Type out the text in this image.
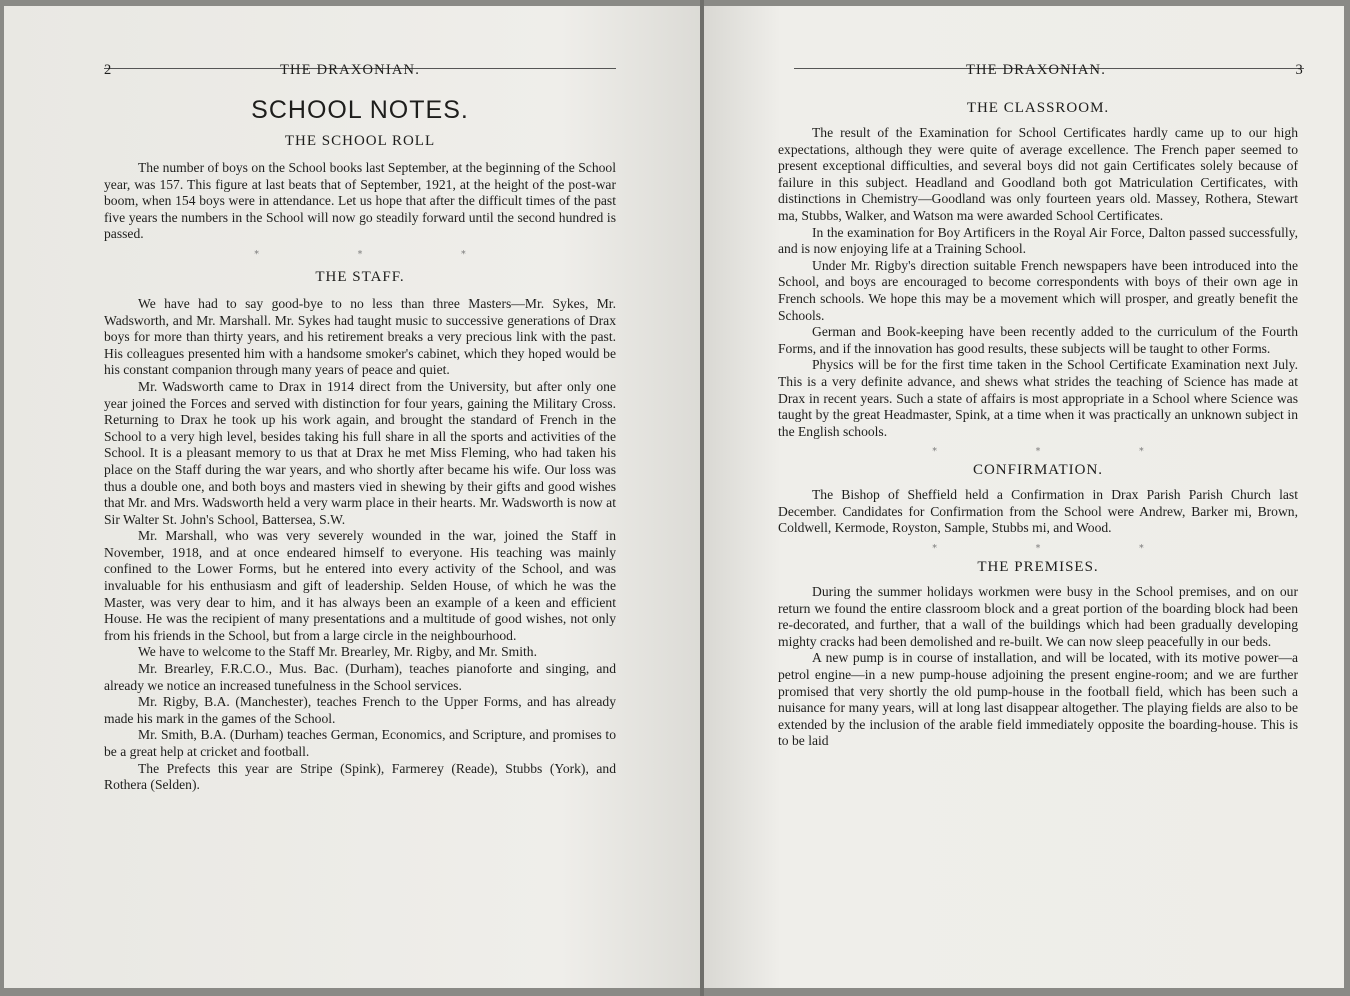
2	THE DRAXONIAN.
SCHOOL NOTES.
THE SCHOOL ROLL

The number of boys on the School books last September, at the beginning of the School year, was 157. This figure at last beats that of September, 1921, at the height of the post-war boom, when 154 boys were in attendance. Let us hope that after the difficult times of the past five years the numbers in the School will now go steadily forward until the second hundred is passed.

* * *
THE STAFF.

We have had to say good-bye to no less than three Masters—Mr. Sykes, Mr. Wadsworth, and Mr. Marshall. Mr. Sykes had taught music to successive generations of Drax boys for more than thirty years, and his retirement breaks a very precious link with the past. His colleagues presented him with a handsome smoker's cabinet, which they hoped would be his constant companion through many years of peace and quiet.

Mr. Wadsworth came to Drax in 1914 direct from the University, but after only one year joined the Forces and served with distinction for four years, gaining the Military Cross. Returning to Drax he took up his work again, and brought the standard of French in the School to a very high level, besides taking his full share in all the sports and activities of the School. It is a pleasant memory to us that at Drax he met Miss Fleming, who had taken his place on the Staff during the war years, and who shortly after became his wife. Our loss was thus a double one, and both boys and masters vied in shewing by their gifts and good wishes that Mr. and Mrs. Wadsworth held a very warm place in their hearts. Mr. Wadsworth is now at Sir Walter St. John's School, Battersea, S.W.

Mr. Marshall, who was very severely wounded in the war, joined the Staff in November, 1918, and at once endeared himself to everyone. His teaching was mainly confined to the Lower Forms, but he entered into every activity of the School, and was invaluable for his enthusiasm and gift of leadership. Selden House, of which he was the Master, was very dear to him, and it has always been an example of a keen and efficient House. He was the recipient of many presentations and a multitude of good wishes, not only from his friends in the School, but from a large circle in the neighbourhood.

We have to welcome to the Staff Mr. Brearley, Mr. Rigby, and Mr. Smith.

Mr. Brearley, F.R.C.O., Mus. Bac. (Durham), teaches pianoforte and singing, and already we notice an increased tunefulness in the School services.

Mr. Rigby, B.A. (Manchester), teaches French to the Upper Forms, and has already made his mark in the games of the School.

Mr. Smith, B.A. (Durham) teaches German, Economics, and Scripture, and promises to be a great help at cricket and football.

The Prefects this year are Stripe (Spink), Farmerey (Reade), Stubbs (York), and Rothera (Selden).

THE DRAXONIAN.	3
THE CLASSROOM.

The result of the Examination for School Certificates hardly came up to our high expectations, although they were quite of average excellence. The French paper seemed to present exceptional difficulties, and several boys did not gain Certificates solely because of failure in this subject. Headland and Goodland both got Matriculation Certificates, with distinctions in Chemistry—Goodland was only fourteen years old. Massey, Rothera, Stewart ma, Stubbs, Walker, and Watson ma were awarded School Certificates.

In the examination for Boy Artificers in the Royal Air Force, Dalton passed successfully, and is now enjoying life at a Training School.

Under Mr. Rigby's direction suitable French newspapers have been introduced into the School, and boys are encouraged to become correspondents with boys of their own age in French schools. We hope this may be a movement which will prosper, and greatly benefit the Schools.

German and Book-keeping have been recently added to the curriculum of the Fourth Forms, and if the innovation has good results, these subjects will be taught to other Forms.

Physics will be for the first time taken in the School Certificate Examination next July. This is a very definite advance, and shews what strides the teaching of Science has made at Drax in recent years. Such a state of affairs is most appropriate in a School where Science was taught by the great Headmaster, Spink, at a time when it was practically an unknown subject in the English schools.

* * *
CONFIRMATION.

The Bishop of Sheffield held a Confirmation in Drax Parish Parish Church last December. Candidates for Confirmation from the School were Andrew, Barker mi, Brown, Coldwell, Kermode, Royston, Sample, Stubbs mi, and Wood.

* * *
THE PREMISES.

During the summer holidays workmen were busy in the School premises, and on our return we found the entire classroom block and a great portion of the boarding block had been re-decorated, and further, that a wall of the buildings which had been gradually developing mighty cracks had been demolished and re-built. We can now sleep peacefully in our beds.

A new pump is in course of installation, and will be located, with its motive power—a petrol engine—in a new pump-house adjoining the present engine-room; and we are further promised that very shortly the old pump-house in the football field, which has been such a nuisance for many years, will at long last disappear altogether. The playing fields are also to be extended by the inclusion of the arable field immediately opposite the boarding-house. This is to be laid
